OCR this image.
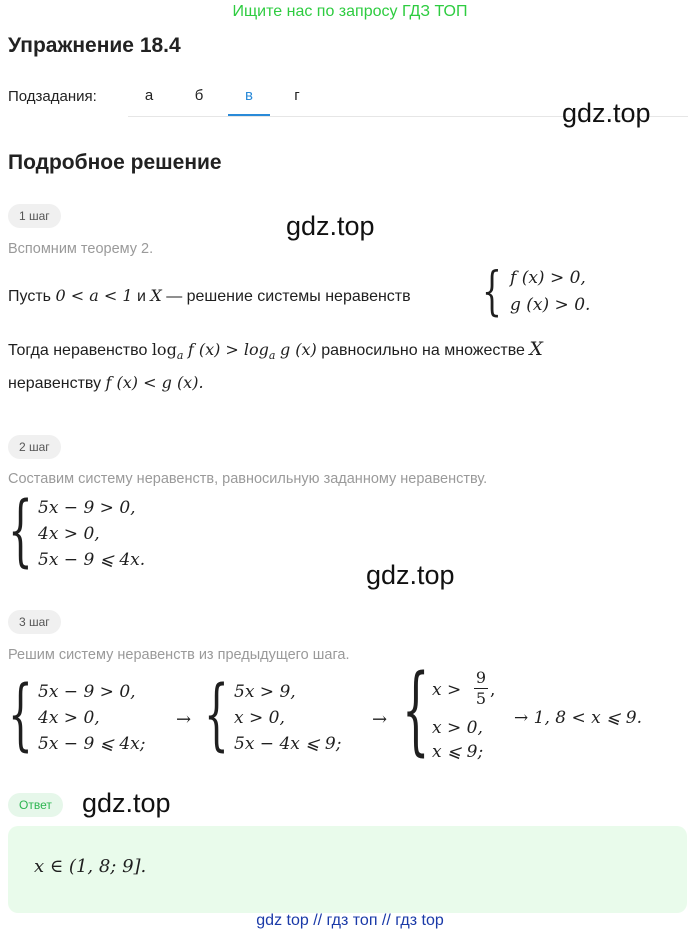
Ищите нас по запросу ГДЗ ТОП
Упражнение 18.4
Подзадания:	а	б	в	г
gdz.top
Подробное решение
1 шаг	gdz.top
Вспомним теорему 2.
Пусть 0 < a < 1 и X — решение системы неравенств { f (x) > 0,
g (x) > 0.
Тогда неравенство $\log_a f$ $(x) > \log_a g$ (x) равносильно на множестве X
неравенству f (x) < g (x).
2 шаг
Составим систему неравенств, равносильную заданному неравенству.
{ 5x − 9 > 0,
4x > 0,
5x − 9 ⩽ 4x.	gdz.top
3 шаг
Решим систему неравенств из предыдущего шага.
{ 5x − 9 > 0,
4x > 0,
5x − 9 ⩽ 4x;
→ { 5x > 9,
x > 0,
5x − 4x ⩽ 9;
→ { $x > \frac{9}{5}$ ,
x > 0,
x ⩽ 9;
→ 1, 8 < x ⩽ 9.
Ответ	gdz.top
x ∈ (1, 8; 9].
gdz top // гдз топ // гдз top
